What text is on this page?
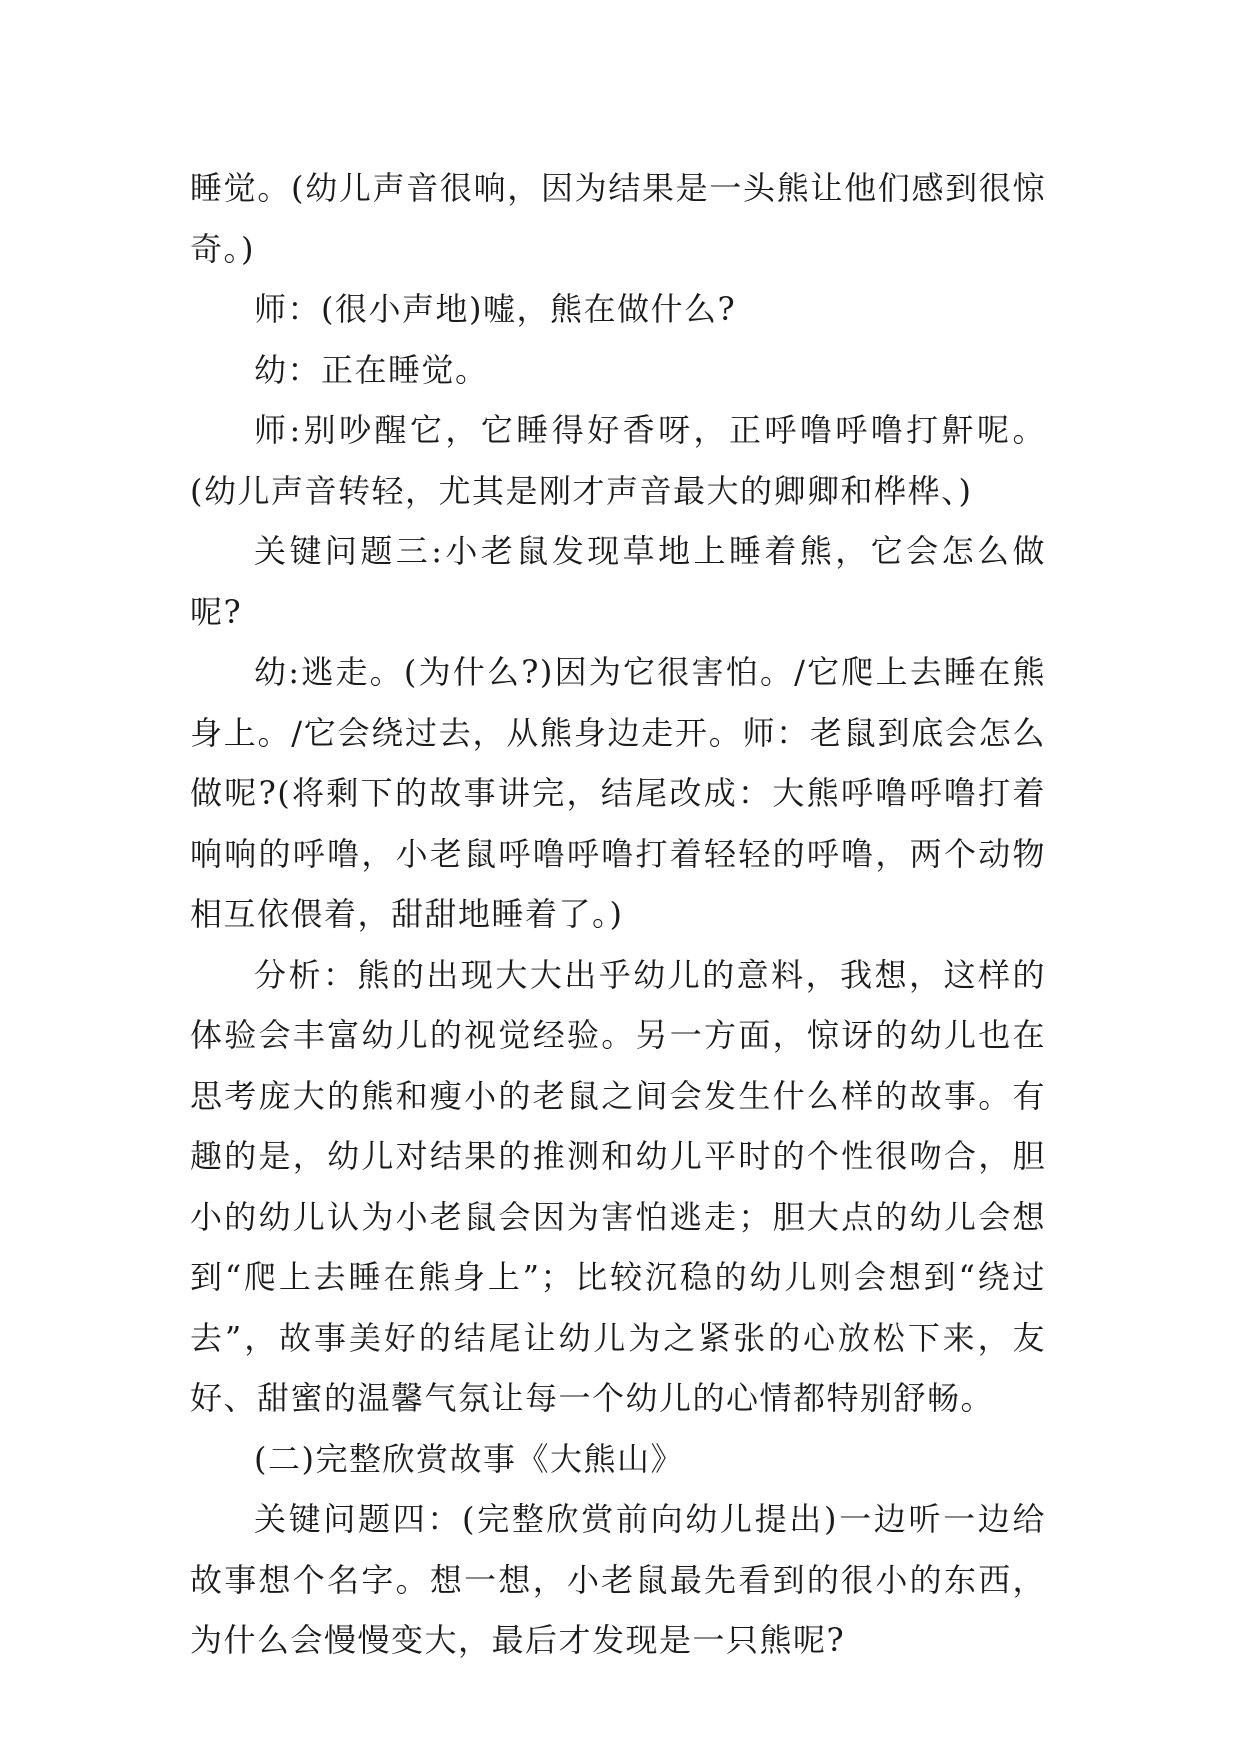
睡觉。(幼儿声音很响，因为结果是一头熊让他们感到很惊奇。)

师：(很小声地)嘘，熊在做什么?

幼：正在睡觉。

师:别吵醒它，它睡得好香呀，正呼噜呼噜打鼾呢。(幼儿声音转轻，尤其是刚才声音最大的卿卿和桦桦、)

关键问题三:小老鼠发现草地上睡着熊，它会怎么做呢?

幼:逃走。(为什么?)因为它很害怕。/它爬上去睡在熊身上。/它会绕过去，从熊身边走开。师：老鼠到底会怎么做呢?(将剩下的故事讲完，结尾改成：大熊呼噜呼噜打着响响的呼噜，小老鼠呼噜呼噜打着轻轻的呼噜，两个动物相互依偎着，甜甜地睡着了。)

分析：熊的出现大大出乎幼儿的意料，我想，这样的体验会丰富幼儿的视觉经验。另一方面，惊讶的幼儿也在思考庞大的熊和瘦小的老鼠之间会发生什么样的故事。有趣的是，幼儿对结果的推测和幼儿平时的个性很吻合，胆小的幼儿认为小老鼠会因为害怕逃走；胆大点的幼儿会想到“爬上去睡在熊身上”；比较沉稳的幼儿则会想到“绕过去”，故事美好的结尾让幼儿为之紧张的心放松下来，友好、甜蜜的温馨气氛让每一个幼儿的心情都特别舒畅。

(二)完整欣赏故事《大熊山》

关键问题四：(完整欣赏前向幼儿提出)一边听一边给故事想个名字。想一想，小老鼠最先看到的很小的东西，为什么会慢慢变大，最后才发现是一只熊呢?
